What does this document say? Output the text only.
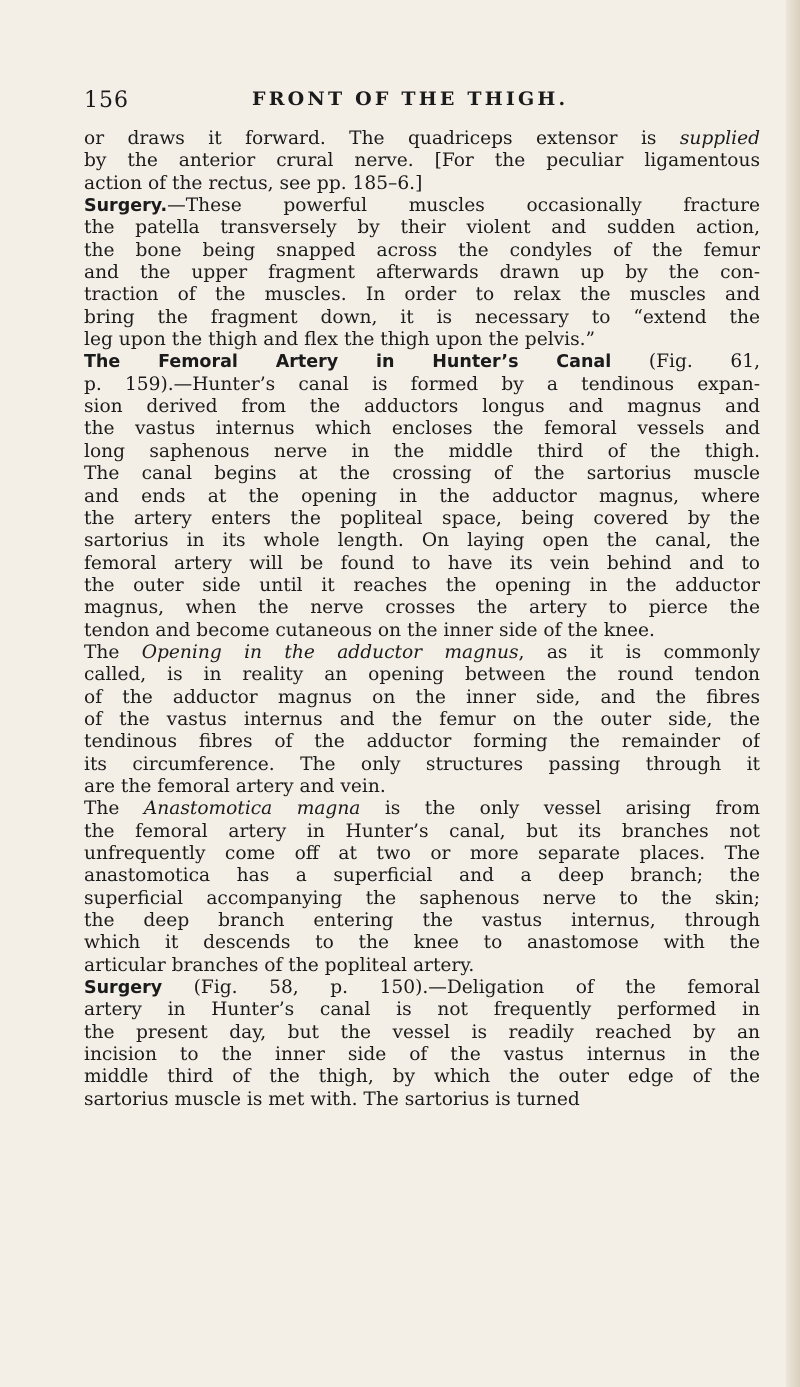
156	FRONT OF THE THIGH.
or draws it forward. The quadriceps extensor is supplied
by the anterior crural nerve. [For the peculiar ligamentous
action of the rectus, see pp. 185–6.]
Surgery.—These powerful muscles occasionally fracture
the patella transversely by their violent and sudden action,
the bone being snapped across the condyles of the femur
and the upper fragment afterwards drawn up by the con-
traction of the muscles. In order to relax the muscles and
bring the fragment down, it is necessary to “extend the
leg upon the thigh and flex the thigh upon the pelvis.”
The Femoral Artery in Hunter’s Canal (Fig. 61,
p. 159).—Hunter’s canal is formed by a tendinous expan-
sion derived from the adductors longus and magnus and
the vastus internus which encloses the femoral vessels and
long saphenous nerve in the middle third of the thigh.
The canal begins at the crossing of the sartorius muscle
and ends at the opening in the adductor magnus, where
the artery enters the popliteal space, being covered by the
sartorius in its whole length. On laying open the canal, the
femoral artery will be found to have its vein behind and to
the outer side until it reaches the opening in the adductor
magnus, when the nerve crosses the artery to pierce the
tendon and become cutaneous on the inner side of the knee.
The Opening in the adductor magnus, as it is commonly
called, is in reality an opening between the round tendon
of the adductor magnus on the inner side, and the fibres
of the vastus internus and the femur on the outer side, the
tendinous fibres of the adductor forming the remainder of
its circumference. The only structures passing through it
are the femoral artery and vein.
The Anastomotica magna is the only vessel arising from
the femoral artery in Hunter’s canal, but its branches not
unfrequently come off at two or more separate places. The
anastomotica has a superficial and a deep branch; the
superficial accompanying the saphenous nerve to the skin;
the deep branch entering the vastus internus, through
which it descends to the knee to anastomose with the
articular branches of the popliteal artery.
Surgery (Fig. 58, p. 150).—Deligation of the femoral
artery in Hunter’s canal is not frequently performed in
the present day, but the vessel is readily reached by an
incision to the inner side of the vastus internus in the
middle third of the thigh, by which the outer edge of the
sartorius muscle is met with. The sartorius is turned
